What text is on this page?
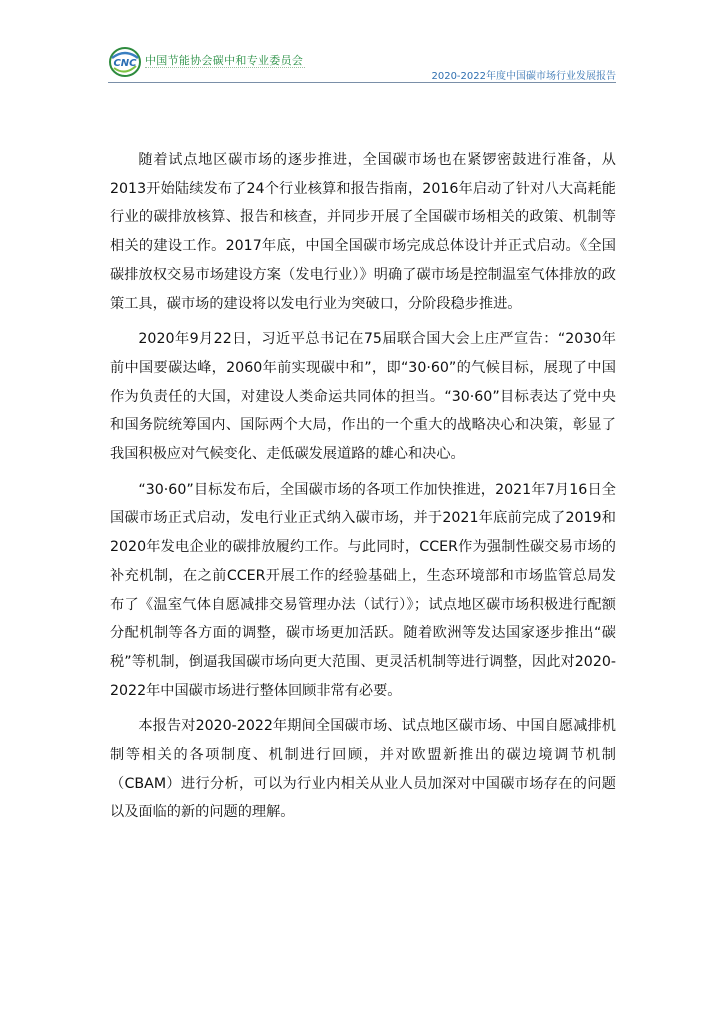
CNC 中国节能协会碳中和专业委员会
2020-2022年度中国碳市场行业发展报告

随着试点地区碳市场的逐步推进，全国碳市场也在紧锣密鼓进行准备，从2013开始陆续发布了24个行业核算和报告指南，2016年启动了针对八大高耗能行业的碳排放核算、报告和核查，并同步开展了全国碳市场相关的政策、机制等相关的建设工作。2017年底，中国全国碳市场完成总体设计并正式启动。《全国碳排放权交易市场建设方案（发电行业）》明确了碳市场是控制温室气体排放的政策工具，碳市场的建设将以发电行业为突破口，分阶段稳步推进。

2020年9月22日，习近平总书记在75届联合国大会上庄严宣告：“2030年前中国要碳达峰，2060年前实现碳中和”，即“30·60”的气候目标，展现了中国作为负责任的大国，对建设人类命运共同体的担当。“30·60”目标表达了党中央和国务院统筹国内、国际两个大局，作出的一个重大的战略决心和决策，彰显了我国积极应对气候变化、走低碳发展道路的雄心和决心。

“30·60”目标发布后，全国碳市场的各项工作加快推进，2021年7月16日全国碳市场正式启动，发电行业正式纳入碳市场，并于2021年底前完成了2019和2020年发电企业的碳排放履约工作。与此同时，CCER作为强制性碳交易市场的补充机制，在之前CCER开展工作的经验基础上，生态环境部和市场监管总局发布了《温室气体自愿减排交易管理办法（试行）》；试点地区碳市场积极进行配额分配机制等各方面的调整，碳市场更加活跃。随着欧洲等发达国家逐步推出“碳税”等机制，倒逼我国碳市场向更大范围、更灵活机制等进行调整，因此对2020-2022年中国碳市场进行整体回顾非常有必要。

本报告对2020-2022年期间全国碳市场、试点地区碳市场、中国自愿减排机制等相关的各项制度、机制进行回顾，并对欧盟新推出的碳边境调节机制（CBAM）进行分析，可以为行业内相关从业人员加深对中国碳市场存在的问题以及面临的新的问题的理解。
